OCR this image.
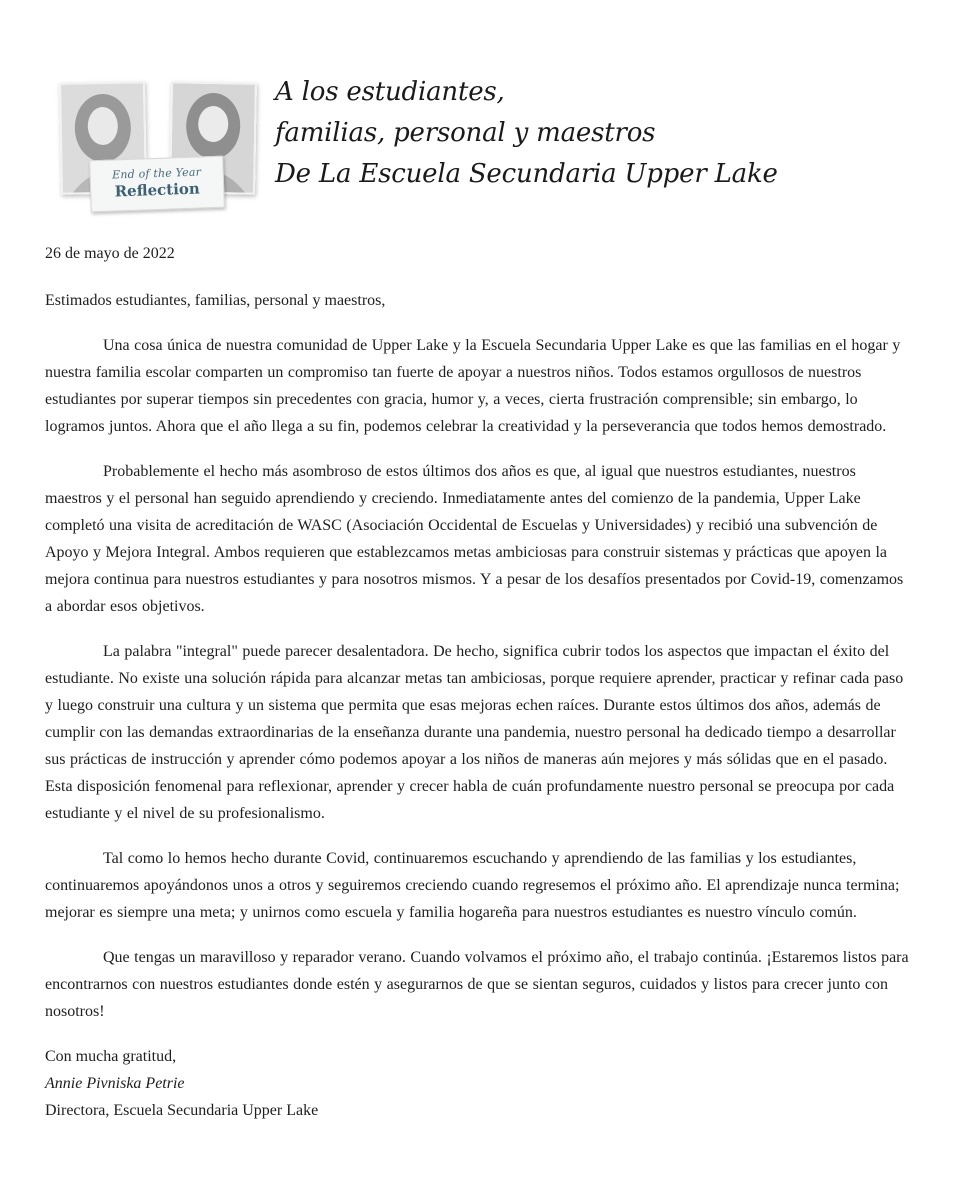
End of the Year
Reflection
A los estudiantes,
familias, personal y maestros
De La Escuela Secundaria Upper Lake

26 de mayo de 2022

Estimados estudiantes, familias, personal y maestros,

Una cosa única de nuestra comunidad de Upper Lake y la Escuela Secundaria Upper Lake es que las familias en el hogar y nuestra familia escolar comparten un compromiso tan fuerte de apoyar a nuestros niños. Todos estamos orgullosos de nuestros estudiantes por superar tiempos sin precedentes con gracia, humor y, a veces, cierta frustración comprensible; sin embargo, lo logramos juntos. Ahora que el año llega a su fin, podemos celebrar la creatividad y la perseverancia que todos hemos demostrado.

Probablemente el hecho más asombroso de estos últimos dos años es que, al igual que nuestros estudiantes, nuestros maestros y el personal han seguido aprendiendo y creciendo. Inmediatamente antes del comienzo de la pandemia, Upper Lake completó una visita de acreditación de WASC (Asociación Occidental de Escuelas y Universidades) y recibió una subvención de Apoyo y Mejora Integral. Ambos requieren que establezcamos metas ambiciosas para construir sistemas y prácticas que apoyen la mejora continua para nuestros estudiantes y para nosotros mismos. Y a pesar de los desafíos presentados por Covid-19, comenzamos a abordar esos objetivos.

La palabra "integral" puede parecer desalentadora. De hecho, significa cubrir todos los aspectos que impactan el éxito del estudiante. No existe una solución rápida para alcanzar metas tan ambiciosas, porque requiere aprender, practicar y refinar cada paso y luego construir una cultura y un sistema que permita que esas mejoras echen raíces. Durante estos últimos dos años, además de cumplir con las demandas extraordinarias de la enseñanza durante una pandemia, nuestro personal ha dedicado tiempo a desarrollar sus prácticas de instrucción y aprender cómo podemos apoyar a los niños de maneras aún mejores y más sólidas que en el pasado. Esta disposición fenomenal para reflexionar, aprender y crecer habla de cuán profundamente nuestro personal se preocupa por cada estudiante y el nivel de su profesionalismo.

Tal como lo hemos hecho durante Covid, continuaremos escuchando y aprendiendo de las familias y los estudiantes, continuaremos apoyándonos unos a otros y seguiremos creciendo cuando regresemos el próximo año. El aprendizaje nunca termina; mejorar es siempre una meta; y unirnos como escuela y familia hogareña para nuestros estudiantes es nuestro vínculo común.

Que tengas un maravilloso y reparador verano. Cuando volvamos el próximo año, el trabajo continúa. ¡Estaremos listos para encontrarnos con nuestros estudiantes donde estén y asegurarnos de que se sientan seguros, cuidados y listos para crecer junto con nosotros!

Con mucha gratitud,

Annie Pivniska Petrie

Directora, Escuela Secundaria Upper Lake
